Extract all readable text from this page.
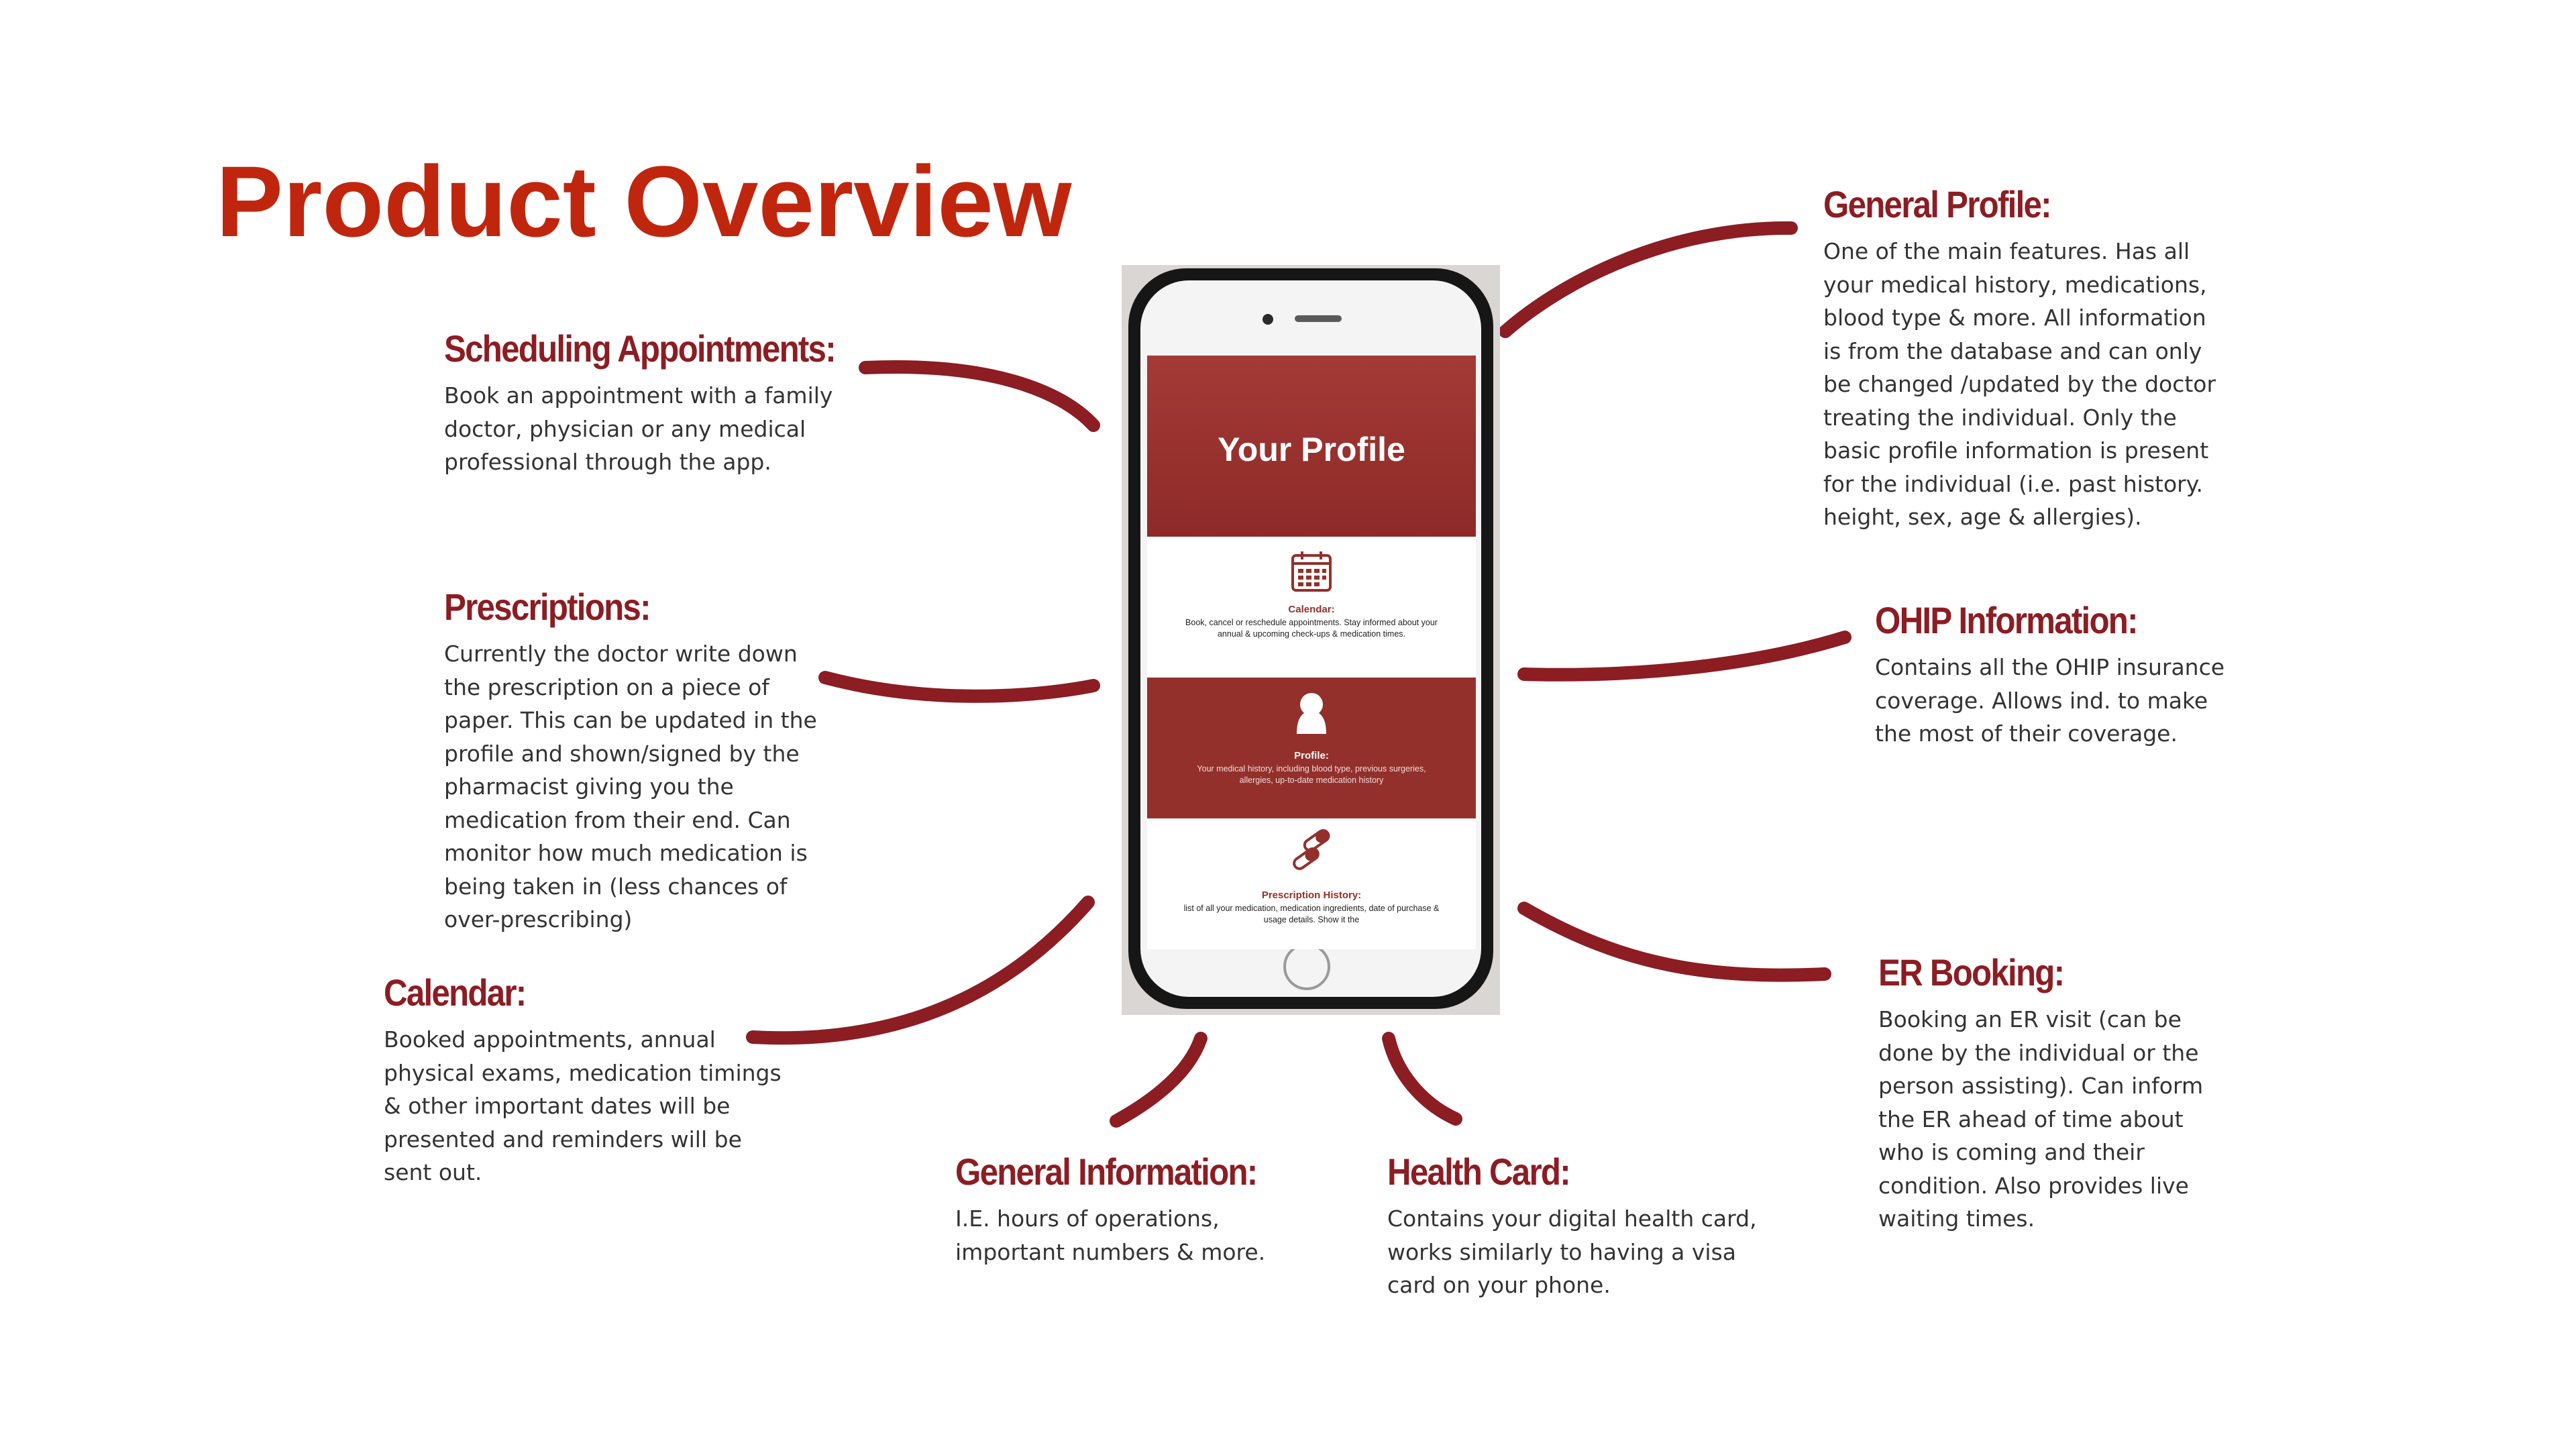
Product Overview
Your Profile
Calendar:
Book, cancel or reschedule appointments. Stay informed about your annual & upcoming check-ups & medication times.
Profile:
Your medical history, including blood type, previous surgeries, allergies, up-to-date medication history
Prescription History:
list of all your medication, medication ingredients, date of purchase & usage details. Show it the
Scheduling Appointments:

Book an appointment with a family doctor, physician or any medical professional through the app.

Prescriptions:

Currently the doctor write down the prescription on a piece of paper. This can be updated in the profile and shown/signed by the pharmacist giving you the medication from their end. Can monitor how much medication is being taken in (less chances of over-prescribing)

Calendar:

Booked appointments, annual physical exams, medication timings & other important dates will be presented and reminders will be sent out.	General Information:

I.E. hours of operations, important numbers & more.

Health Card:

Contains your digital health card, works similarly to having a visa card on your phone.

General Profile:

One of the main features. Has all your medical history, medications, blood type & more. All information is from the database and can only be changed /updated by the doctor treating the individual. Only the basic profile information is present for the individual (i.e. past history. height, sex, age & allergies).

OHIP Information:

Contains all the OHIP insurance coverage. Allows ind. to make the most of their coverage.

ER Booking:

Booking an ER visit (can be done by the individual or the person assisting). Can inform the ER ahead of time about who is coming and their condition. Also provides live waiting times.
